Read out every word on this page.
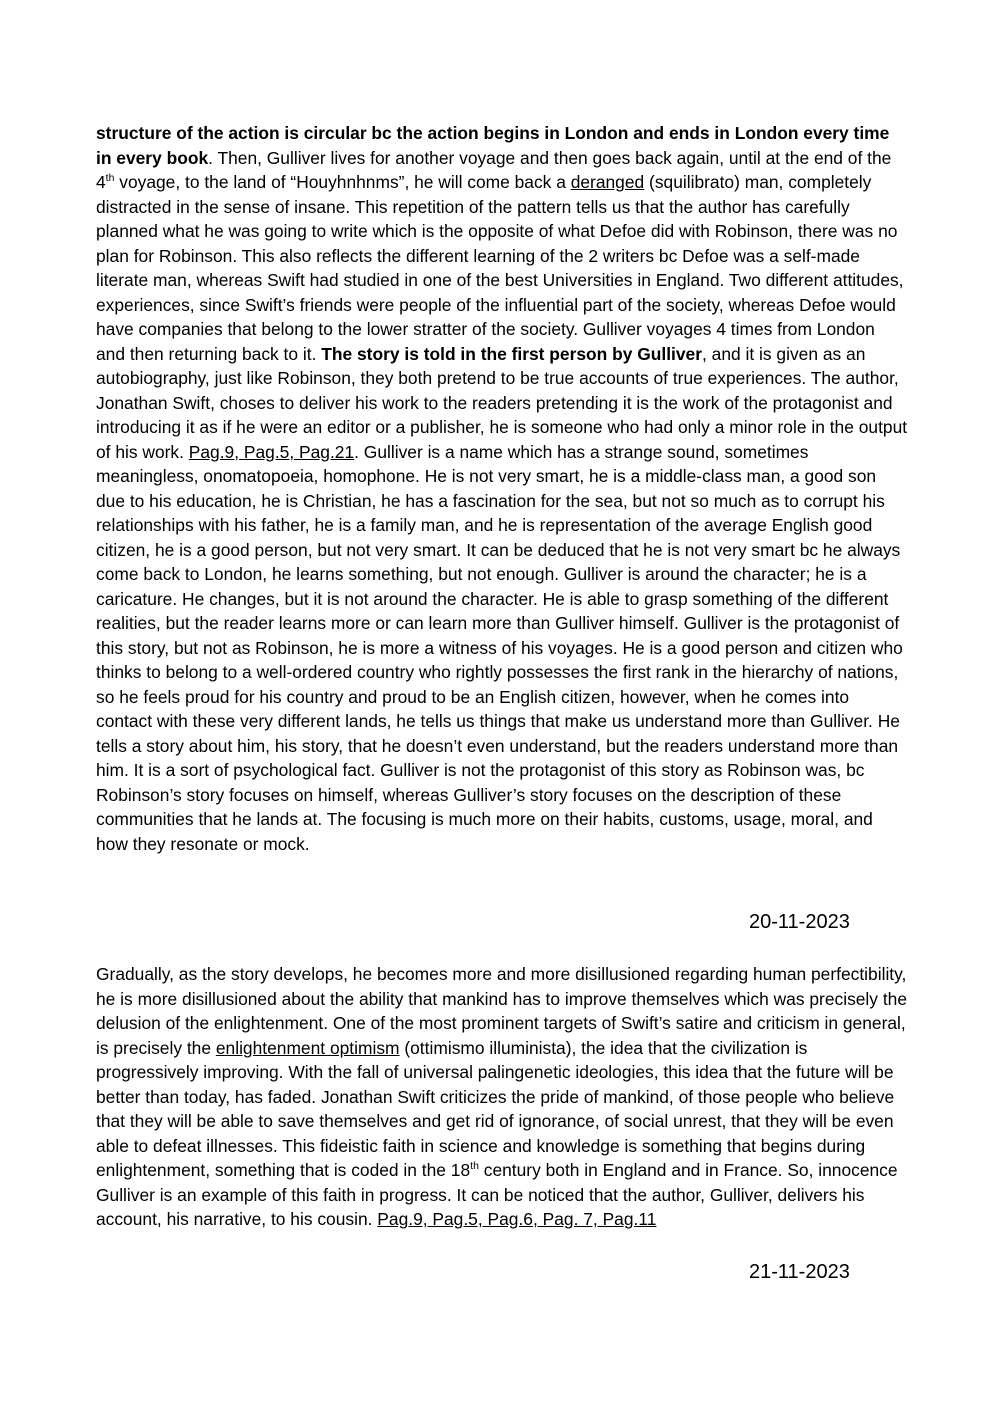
structure of the action is circular bc the action begins in London and ends in London every time in every book. Then, Gulliver lives for another voyage and then goes back again, until at the end of the 4th voyage, to the land of “Houyhnhnms”, he will come back a deranged (squilibrato) man, completely distracted in the sense of insane. This repetition of the pattern tells us that the author has carefully planned what he was going to write which is the opposite of what Defoe did with Robinson, there was no plan for Robinson. This also reflects the different learning of the 2 writers bc Defoe was a self-made literate man, whereas Swift had studied in one of the best Universities in England. Two different attitudes, experiences, since Swift’s friends were people of the influential part of the society, whereas Defoe would have companies that belong to the lower stratter of the society. Gulliver voyages 4 times from London and then returning back to it. The story is told in the first person by Gulliver, and it is given as an autobiography, just like Robinson, they both pretend to be true accounts of true experiences. The author, Jonathan Swift, choses to deliver his work to the readers pretending it is the work of the protagonist and introducing it as if he were an editor or a publisher, he is someone who had only a minor role in the output of his work. Pag.9, Pag.5, Pag.21. Gulliver is a name which has a strange sound, sometimes meaningless, onomatopoeia, homophone. He is not very smart, he is a middle-class man, a good son due to his education, he is Christian, he has a fascination for the sea, but not so much as to corrupt his relationships with his father, he is a family man, and he is representation of the average English good citizen, he is a good person, but not very smart. It can be deduced that he is not very smart bc he always come back to London, he learns something, but not enough. Gulliver is around the character; he is a caricature. He changes, but it is not around the character. He is able to grasp something of the different realities, but the reader learns more or can learn more than Gulliver himself. Gulliver is the protagonist of this story, but not as Robinson, he is more a witness of his voyages. He is a good person and citizen who thinks to belong to a well-ordered country who rightly possesses the first rank in the hierarchy of nations, so he feels proud for his country and proud to be an English citizen, however, when he comes into contact with these very different lands, he tells us things that make us understand more than Gulliver. He tells a story about him, his story, that he doesn’t even understand, but the readers understand more than him. It is a sort of psychological fact. Gulliver is not the protagonist of this story as Robinson was, bc Robinson’s story focuses on himself, whereas Gulliver’s story focuses on the description of these communities that he lands at. The focusing is much more on their habits, customs, usage, moral, and how they resonate or mock.

20-11-2023

Gradually, as the story develops, he becomes more and more disillusioned regarding human perfectibility, he is more disillusioned about the ability that mankind has to improve themselves which was precisely the delusion of the enlightenment. One of the most prominent targets of Swift’s satire and criticism in general, is precisely the enlightenment optimism (ottimismo illuminista), the idea that the civilization is progressively improving. With the fall of universal palingenetic ideologies, this idea that the future will be better than today, has faded. Jonathan Swift criticizes the pride of mankind, of those people who believe that they will be able to save themselves and get rid of ignorance, of social unrest, that they will be even able to defeat illnesses. This fideistic faith in science and knowledge is something that begins during enlightenment, something that is coded in the 18th century both in England and in France. So, innocence Gulliver is an example of this faith in progress. It can be noticed that the author, Gulliver, delivers his account, his narrative, to his cousin. Pag.9, Pag.5, Pag.6, Pag. 7, Pag.11

21-11-2023
